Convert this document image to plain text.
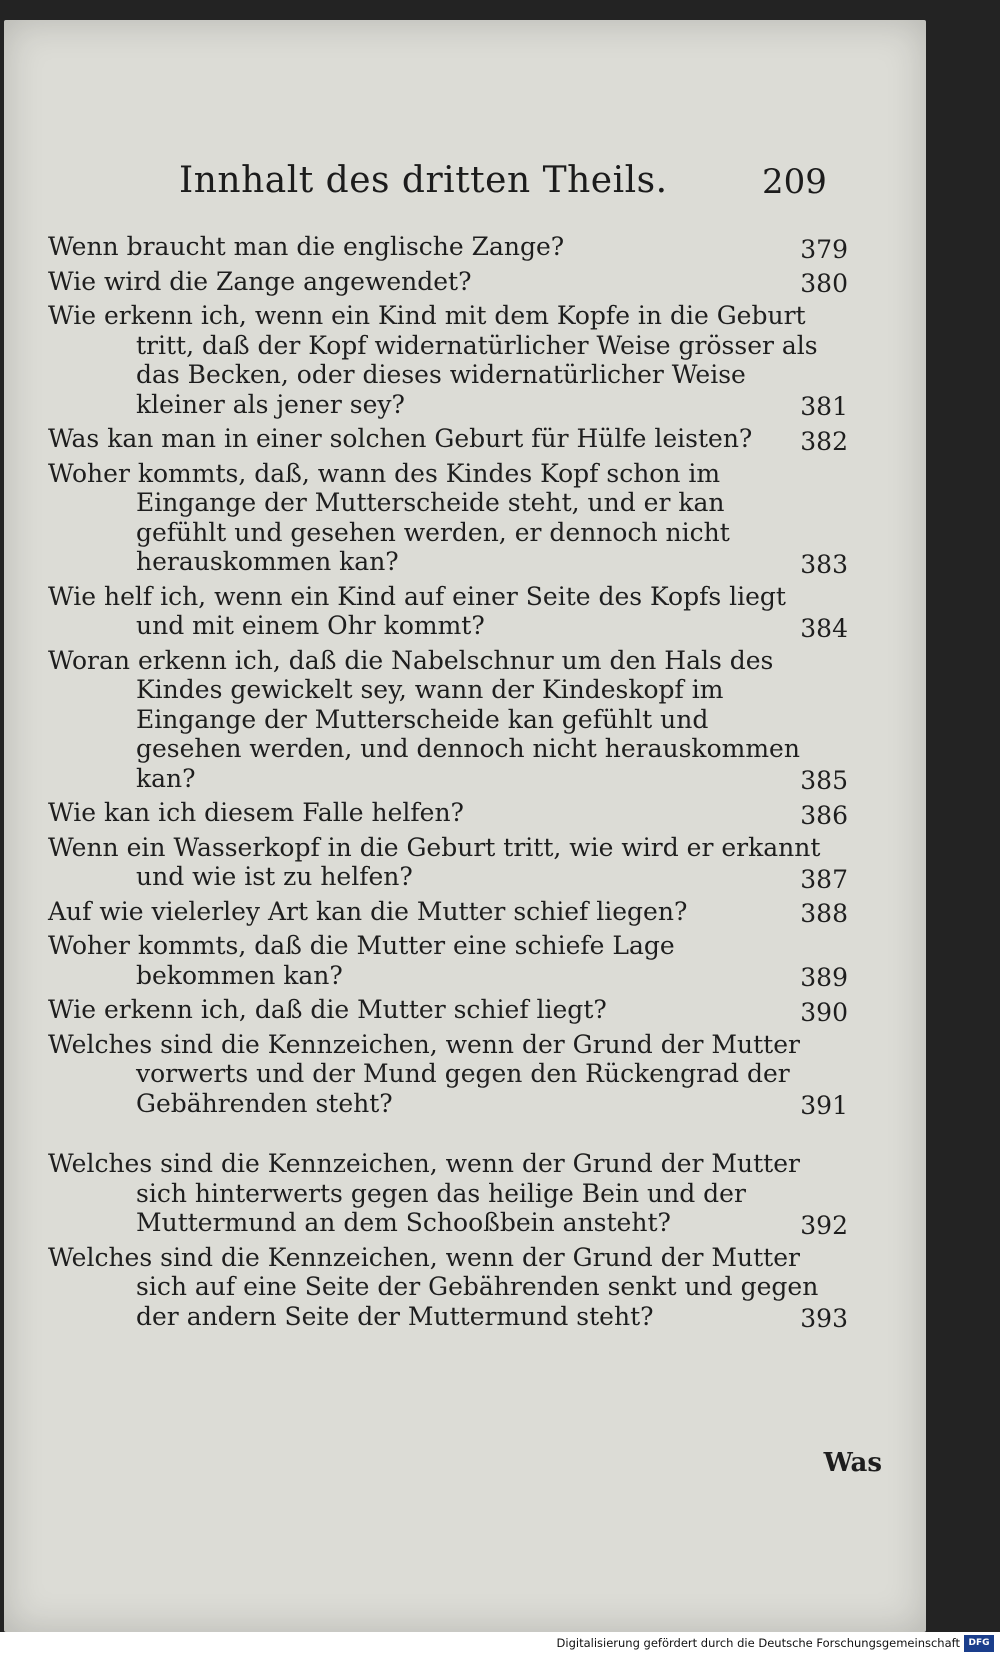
Innhalt des dritten Theils.	209
Wenn braucht man die englische Zange?	379
Wie wird die Zange angewendet?	380
Wie erkenn ich, wenn ein Kind mit dem Kopfe in die Geburt tritt, daß der Kopf widernatürlicher Weise grösser als das Becken, oder dieses widernatürlicher Weise kleiner als jener sey?	381
Was kan man in einer solchen Geburt für Hülfe leisten?	382
Woher kommts, daß, wann des Kindes Kopf schon im Eingange der Mutterscheide steht, und er kan gefühlt und gesehen werden, er dennoch nicht herauskommen kan?	383
Wie helf ich, wenn ein Kind auf einer Seite des Kopfs liegt und mit einem Ohr kommt?	384
Woran erkenn ich, daß die Nabelschnur um den Hals des Kindes gewickelt sey, wann der Kindeskopf im Eingange der Mutterscheide kan gefühlt und gesehen werden, und dennoch nicht herauskommen kan?	385
Wie kan ich diesem Falle helfen?	386
Wenn ein Wasserkopf in die Geburt tritt, wie wird er erkannt und wie ist zu helfen?	387
Auf wie vielerley Art kan die Mutter schief liegen?	388
Woher kommts, daß die Mutter eine schiefe Lage bekommen kan?	389
Wie erkenn ich, daß die Mutter schief liegt?	390
Welches sind die Kennzeichen, wenn der Grund der Mutter vorwerts und der Mund gegen den Rückengrad der Gebährenden steht?	391
Welches sind die Kennzeichen, wenn der Grund der Mutter sich hinterwerts gegen das heilige Bein und der Muttermund an dem Schooßbein ansteht?	392
Welches sind die Kennzeichen, wenn der Grund der Mutter sich auf eine Seite der Gebährenden senkt und gegen der andern Seite der Muttermund steht?	393
Was
Digitalisierung gefördert durch die Deutsche Forschungsgemeinschaft DFG
